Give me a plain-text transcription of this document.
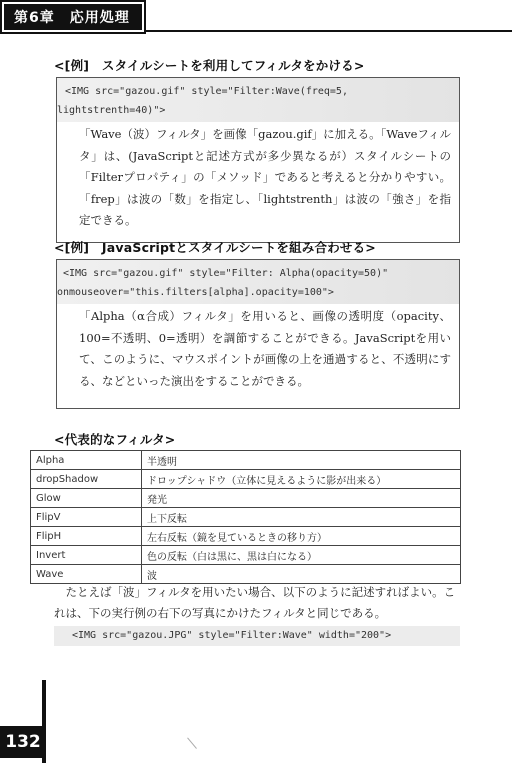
第6章　応用処理
<[例]　スタイルシートを利用してフィルタをかける>
<IMG src="gazou.gif" style="Filter:Wave(freq=5,
lightstrenth=40)">
「Wave（波）フィルタ」を画像「gazou.gif」に加える。「Waveフィルタ」は、(JavaScriptと記述方式が多少異なるが）スタイルシートの「Filterプロパティ」の「メソッド」であると考えると分かりやすい。「frep」は波の「数」を指定し、「lightstrenth」は波の「強さ」を指定できる。
<[例]　JavaScriptとスタイルシートを組み合わせる>
<IMG src="gazou.gif" style="Filter: Alpha(opacity=50)"
onmouseover="this.filters[alpha].opacity=100">
「Alpha（α合成）フィルタ」を用いると、画像の透明度（opacity、100=不透明、0=透明）を調節することができる。JavaScriptを用いて、このように、マウスポイントが画像の上を通過すると、不透明にする、などといった演出をすることができる。
<代表的なフィルタ>
Alpha	半透明
dropShadow	ドロップシャドウ（立体に見えるように影が出来る）
Glow	発光
FlipV	上下反転
FlipH	左右反転（鏡を見ているときの移り方）
Invert	色の反転（白は黒に、黒は白になる）
Wave	波
たとえば「波」フィルタを用いたい場合、以下のように記述すればよい。これは、下の実行例の右下の写真にかけたフィルタと同じである。
<IMG src="gazou.JPG" style="Filter:Wave" width="200">
132
